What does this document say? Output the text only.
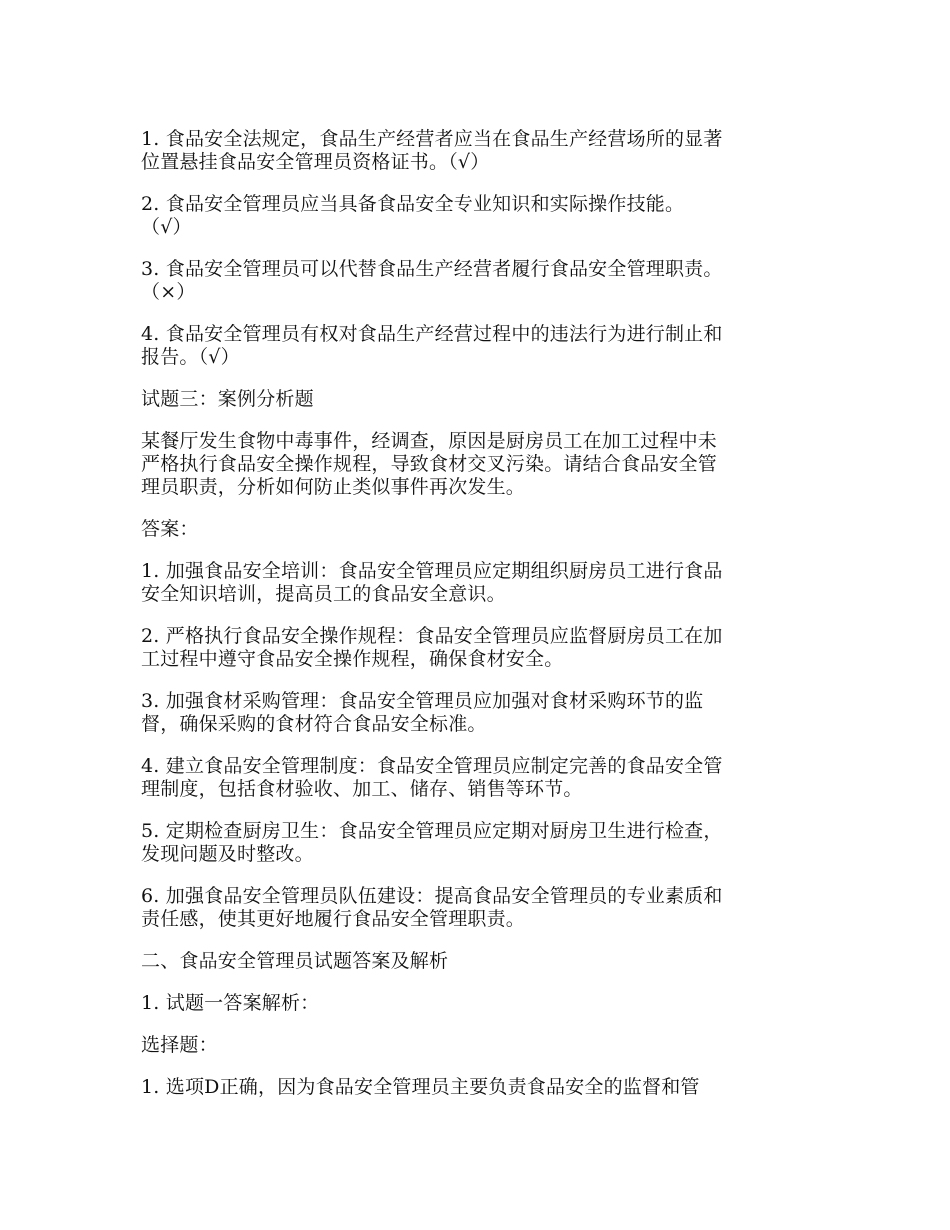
1. 食品安全法规定，食品生产经营者应当在食品生产经营场所的显著
位置悬挂食品安全管理员资格证书。（√）

2. 食品安全管理员应当具备食品安全专业知识和实际操作技能。
（√）

3. 食品安全管理员可以代替食品生产经营者履行食品安全管理职责。
（×）

4. 食品安全管理员有权对食品生产经营过程中的违法行为进行制止和
报告。（√）

试题三：案例分析题

某餐厅发生食物中毒事件，经调查，原因是厨房员工在加工过程中未
严格执行食品安全操作规程，导致食材交叉污染。请结合食品安全管
理员职责，分析如何防止类似事件再次发生。

答案：

1. 加强食品安全培训：食品安全管理员应定期组织厨房员工进行食品
安全知识培训，提高员工的食品安全意识。

2. 严格执行食品安全操作规程：食品安全管理员应监督厨房员工在加
工过程中遵守食品安全操作规程，确保食材安全。

3. 加强食材采购管理：食品安全管理员应加强对食材采购环节的监
督，确保采购的食材符合食品安全标准。

4. 建立食品安全管理制度：食品安全管理员应制定完善的食品安全管
理制度，包括食材验收、加工、储存、销售等环节。

5. 定期检查厨房卫生：食品安全管理员应定期对厨房卫生进行检查，
发现问题及时整改。

6. 加强食品安全管理员队伍建设：提高食品安全管理员的专业素质和
责任感，使其更好地履行食品安全管理职责。

二、食品安全管理员试题答案及解析

1. 试题一答案解析：

选择题：

1. 选项D正确，因为食品安全管理员主要负责食品安全的监督和管
